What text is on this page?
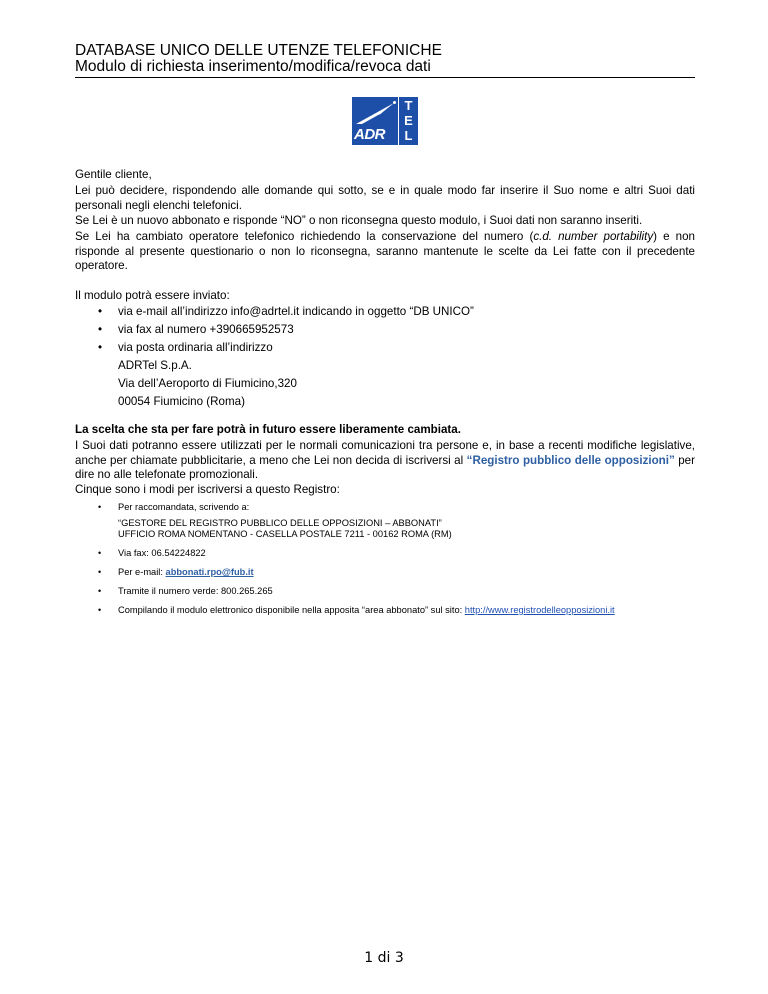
DATABASE UNICO DELLE UTENZE TELEFONICHE
Modulo di richiesta inserimento/modifica/revoca dati
ADR
T
E
L
Gentile cliente,
Lei può decidere, rispondendo alle domande qui sotto, se e in quale modo far inserire il Suo nome e altri Suoi dati personali negli elenchi telefonici.
Se Lei è un nuovo abbonato e risponde “NO” o non riconsegna questo modulo, i Suoi dati non saranno inseriti.
Se Lei ha cambiato operatore telefonico richiedendo la conservazione del numero (c.d. number portability) e non risponde al presente questionario o non lo riconsegna, saranno mantenute le scelte da Lei fatte con il precedente operatore.
Il modulo potrà essere inviato:
• via e-mail all’indirizzo info@adrtel.it indicando in oggetto “DB UNICO”
• via fax al numero +390665952573
• via posta ordinaria all’indirizzo
ADRTel S.p.A.
Via dell’Aeroporto di Fiumicino,320
00054 Fiumicino (Roma)
La scelta che sta per fare potrà in futuro essere liberamente cambiata.
I Suoi dati potranno essere utilizzati per le normali comunicazioni tra persone e, in base a recenti modifiche legislative, anche per chiamate pubblicitarie, a meno che Lei non decida di iscriversi al “Registro pubblico delle opposizioni” per dire no alle telefonate promozionali.
Cinque sono i modi per iscriversi a questo Registro:
• Per raccomandata, scrivendo a:
“GESTORE DEL REGISTRO PUBBLICO DELLE OPPOSIZIONI – ABBONATI”
UFFICIO ROMA NOMENTANO - CASELLA POSTALE 7211 - 00162 ROMA (RM)
• Via fax: 06.54224822
• Per e-mail: abbonati.rpo@fub.it
• Tramite il numero verde: 800.265.265
• Compilando il modulo elettronico disponibile nella apposita “area abbonato” sul sito: http://www.registrodelleopposizioni.it
1 di 3
